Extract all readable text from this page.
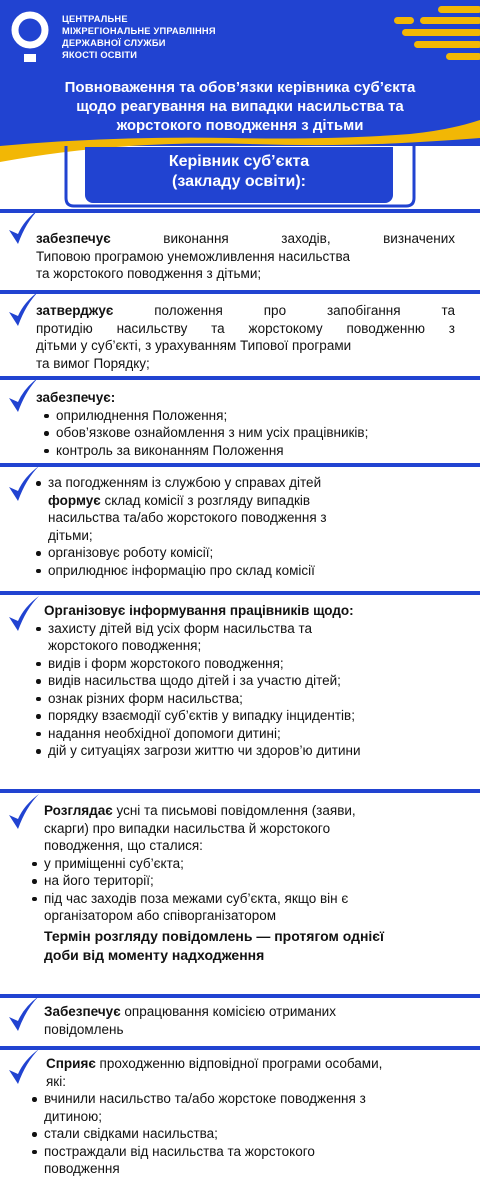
ЦЕНТРАЛЬНЕ
МІЖРЕГІОНАЛЬНЕ УПРАВЛІННЯ
ДЕРЖАВНОЇ СЛУЖБИ
ЯКОСТІ ОСВІТИ
Повноваження та обов’язки керівника суб’єкта
щодо реагування на випадки насильства та
жорстокого поводження з дітьми
Керівник суб’єкта
(закладу освіти):
забезпечує виконання заходів, визначених
Типовою програмою унеможливлення насильства
та жорстокого поводження з дітьми;
затверджує положення про запобігання та
протидію насильству та жорстокому поводженню з
дітьми у суб’єкті, з урахуванням Типової програми
та вимог Порядку;
забезпечує:
оприлюднення Положення;
обов’язкове ознайомлення з ним усіх працівників;
контроль за виконанням Положення
за погодженням із службою у справах дітей
формує склад комісії з розгляду випадків
насильства та/або жорстокого поводження з
дітьми;
організовує роботу комісії;
оприлюднює інформацію про склад комісії
Організовує інформування працівників щодо:
захисту дітей від усіх форм насильства та
жорстокого поводження;
видів і форм жорстокого поводження;
видів насильства щодо дітей і за участю дітей;
ознак різних форм насильства;
порядку взаємодії суб’єктів у випадку інцидентів;
надання необхідної допомоги дитині;
дій у ситуаціях загрози життю чи здоров’ю дитини
Розглядає усні та письмові повідомлення (заяви,
скарги) про випадки насильства й жорстокого
поводження, що сталися:
у приміщенні суб’єкта;
на його території;
під час заходів поза межами суб’єкта, якщо він є
організатором або співорганізатором
Термін розгляду повідомлень — протягом однієї
доби від моменту надходження
Забезпечує опрацювання комісією отриманих
повідомлень
Сприяє проходженню відповідної програми особами,
які:
вчинили насильство та/або жорстоке поводження з
дитиною;
стали свідками насильства;
постраждали від насильства та жорстокого
поводження
